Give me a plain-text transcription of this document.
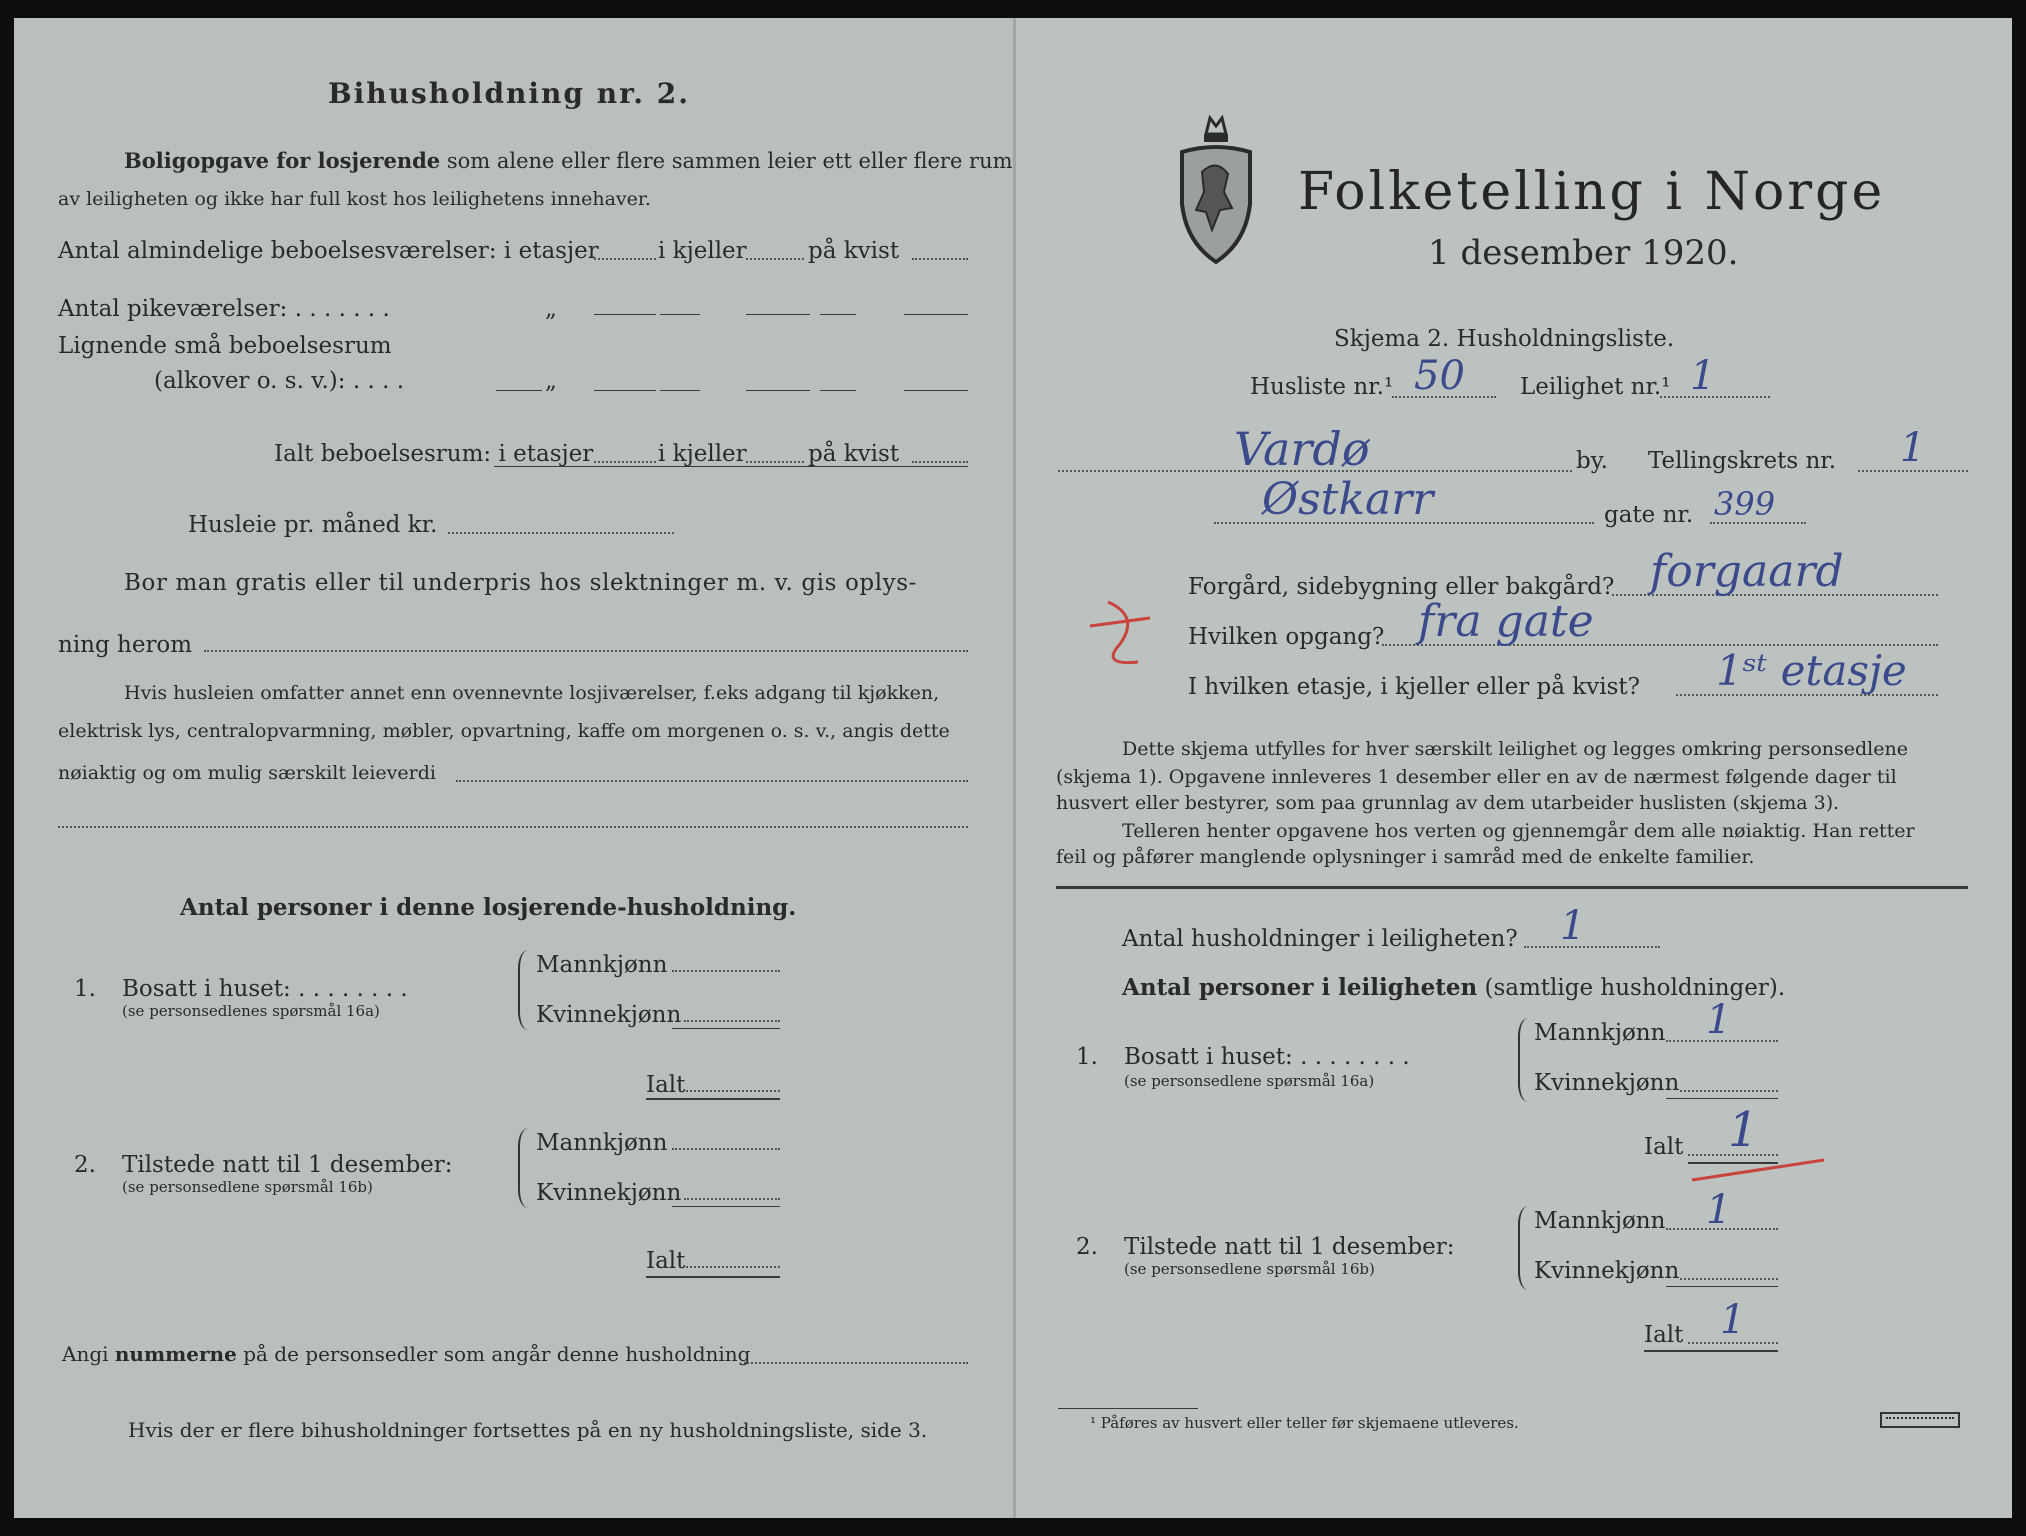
Bihusholdning nr. 2.
Boligopgave for losjerende som alene eller flere sammen leier ett eller flere rum
av leiligheten og ikke har full kost hos leilighetens innehaver.
Antal almindelige beboelsesværelser: i etasjer	i kjeller	på kvist
Antal pikeværelser: . . . . . . .	„
Lignende små beboelsesrum
(alkover o. s. v.): . . . .	„
Ialt beboelsesrum: i etasjer	i kjeller	på kvist
Husleie pr. måned kr.
Bor man gratis eller til underpris hos slektninger m. v. gis oplys-
ning herom
Hvis husleien omfatter annet enn ovennevnte losjiværelser, f.eks adgang til kjøkken,
elektrisk lys, centralopvarmning, møbler, opvartning, kaffe om morgenen o. s. v., angis dette
nøiaktig og om mulig særskilt leieverdi
Antal personer i denne losjerende-husholdning.
1. Bosatt i huset: . . . . . . . .
(se personsedlenes spørsmål 16a)
Mannkjønn
Kvinnekjønn
Ialt
2. Tilstede natt til 1 desember:
(se personsedlene spørsmål 16b)
Mannkjønn
Kvinnekjønn
Ialt
Angi nummerne på de personsedler som angår denne husholdning
Hvis der er flere bihusholdninger fortsettes på en ny husholdningsliste, side 3.
Folketelling i Norge
1 desember 1920.
Skjema 2. Husholdningsliste.
Husliste nr.¹ 50 Leilighet nr.¹ 1
Vardø	by. Tellingskrets nr. 1
Østkarr	gate nr. 399
Forgård, sidebygning eller bakgård? forgaard
Hvilken opgang? fra gate
I hvilken etasje, i kjeller eller på kvist? 1ˢᵗ etasje
Dette skjema utfylles for hver særskilt leilighet og legges omkring personsedlene
(skjema 1). Opgavene innleveres 1 desember eller en av de nærmest følgende dager til
husvert eller bestyrer, som paa grunnlag av dem utarbeider huslisten (skjema 3).
Telleren henter opgavene hos verten og gjennemgår dem alle nøiaktig. Han retter
feil og påfører manglende oplysninger i samråd med de enkelte familier.
Antal husholdninger i leiligheten? 1
Antal personer i leiligheten (samtlige husholdninger).
1. Bosatt i huset: . . . . . . . .
(se personsedlene spørsmål 16a)
Mannkjønn 1
Kvinnekjønn
Ialt 1
2. Tilstede natt til 1 desember:
(se personsedlene spørsmål 16b)
Mannkjønn 1
Kvinnekjønn
Ialt 1
¹ Påføres av husvert eller teller før skjemaene utleveres.
